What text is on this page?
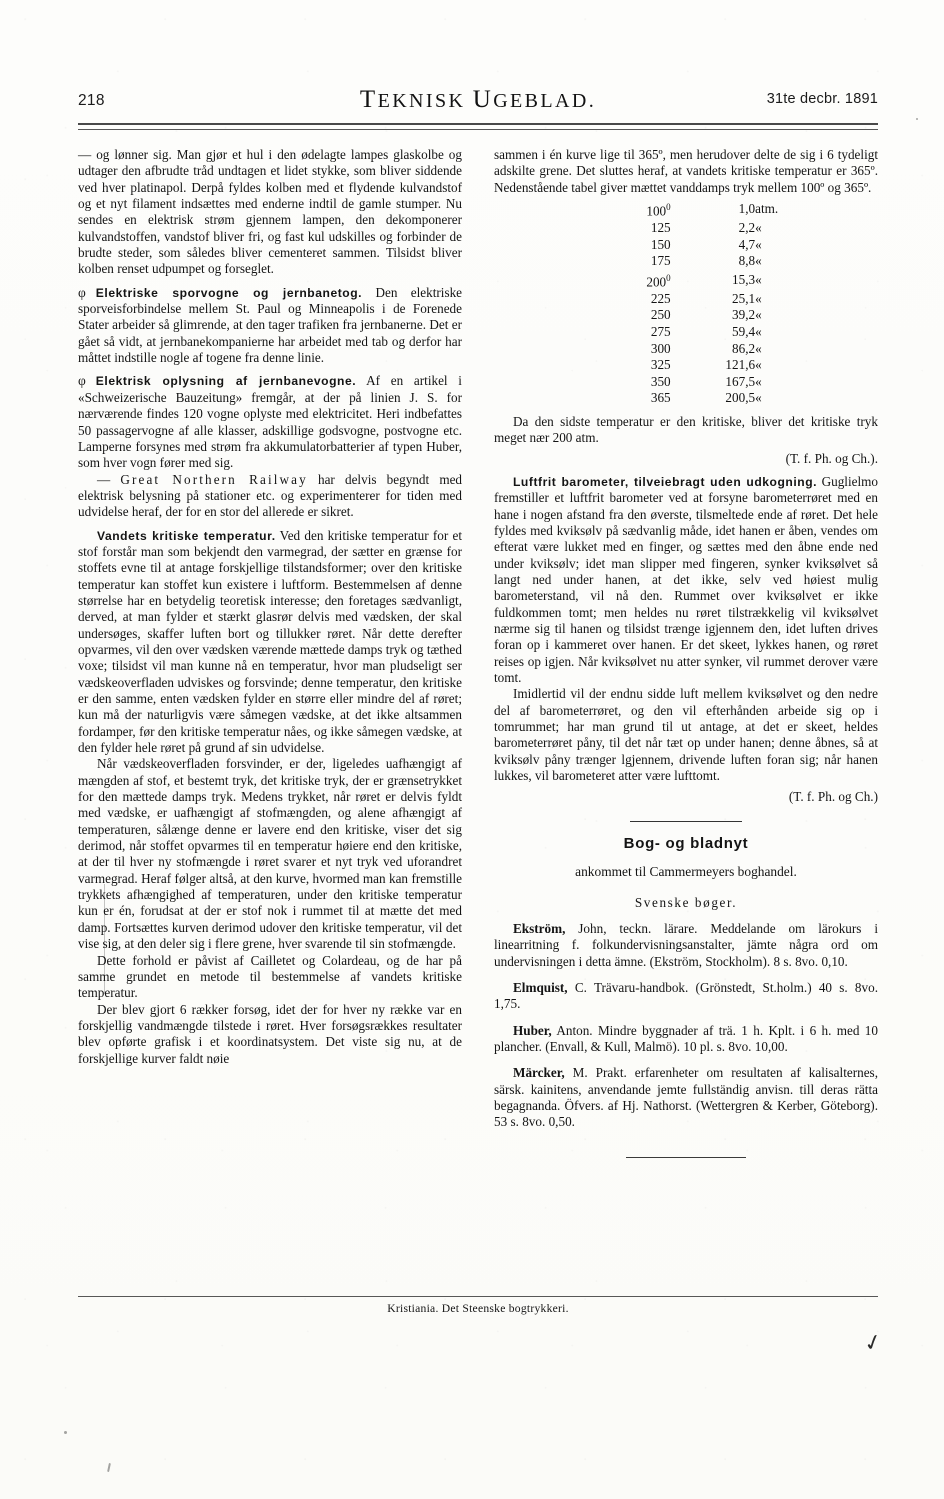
218	TEKNISK UGEBLAD.	31te decbr. 1891

— og lønner sig. Man gjør et hul i den ødelagte lampes glaskolbe og udtager den afbrudte tråd undtagen et lidet stykke, som bliver siddende ved hver platinapol. Derpå fyldes kolben med et flydende kulvandstof og et nyt filament indsættes med enderne indtil de gamle stumper. Nu sendes en elektrisk strøm gjennem lampen, den dekomponerer kulvandstoffen, vandstof bliver fri, og fast kul udskilles og forbinder de brudte steder, som således bliver cementeret sammen. Tilsidst bliver kolben renset udpumpet og forseglet.

φ Elektriske sporvogne og jernbanetog. Den elektriske sporveisforbindelse mellem St. Paul og Minneapolis i de Forenede Stater arbeider så glimrende, at den tager trafiken fra jernbanerne. Det er gået så vidt, at jernbanekompanierne har arbeidet med tab og derfor har måttet indstille nogle af togene fra denne linie.

φ Elektrisk oplysning af jernbanevogne. Af en artikel i «Schweizerische Bauzeitung» fremgår, at der på linien J. S. for nærværende findes 120 vogne oplyste med elektricitet. Heri indbefattes 50 passagervogne af alle klasser, adskillige godsvogne, postvogne etc. Lamperne forsynes med strøm fra akkumulatorbatterier af typen Huber, som hver vogn fører med sig.

— Great Northern Railway har delvis begyndt med elektrisk belysning på stationer etc. og experimenterer for tiden med udvidelse heraf, der for en stor del allerede er sikret.

Vandets kritiske temperatur. Ved den kritiske temperatur for et stof forstår man som bekjendt den varmegrad, der sætter en grænse for stoffets evne til at antage forskjellige tilstandsformer; over den kritiske temperatur kan stoffet kun existere i luftform. Bestemmelsen af denne størrelse har en betydelig teoretisk interesse; den foretages sædvanligt, derved, at man fylder et stærkt glasrør delvis med vædsken, der skal undersøges, skaffer luften bort og tillukker røret. Når dette derefter opvarmes, vil den over vædsken værende mættede damps tryk og tæthed voxe; tilsidst vil man kunne nå en temperatur, hvor man pludseligt ser vædskeoverfladen udviskes og forsvinde; denne temperatur, den kritiske er den samme, enten vædsken fylder en større eller mindre del af røret; kun må der naturligvis være såmegen vædske, at det ikke altsammen fordamper, før den kritiske temperatur nåes, og ikke såmegen vædske, at den fylder hele røret på grund af sin udvidelse.

Når vædskeoverfladen forsvinder, er der, ligeledes uafhængigt af mængden af stof, et bestemt tryk, det kritiske tryk, der er grænsetrykket for den mættede damps tryk. Medens trykket, når røret er delvis fyldt med vædske, er uafhængigt af stofmængden, og alene afhængigt af temperaturen, sålænge denne er lavere end den kritiske, viser det sig derimod, når stoffet opvarmes til en temperatur høiere end den kritiske, at der til hver ny stofmængde i røret svarer et nyt tryk ved uforandret varmegrad. Heraf følger altså, at den kurve, hvormed man kan fremstille trykkets afhængighed af temperaturen, under den kritiske temperatur kun er én, forudsat at der er stof nok i rummet til at mætte det med damp. Fortsættes kurven derimod udover den kritiske temperatur, vil det vise sig, at den deler sig i flere grene, hver svarende til sin stofmængde.

Dette forhold er påvist af Cailletet og Colardeau, og de har på samme grundet en metode til bestemmelse af vandets kritiske temperatur.

Der blev gjort 6 rækker forsøg, idet der for hver ny række var en forskjellig vandmængde tilstede i røret. Hver forsøgsrækkes resultater blev opførte grafisk i et koordinatsystem. Det viste sig nu, at de forskjellige kurver faldt nøie

sammen i én kurve lige til 365º, men herudover delte de sig i 6 tydeligt adskilte grene. Det sluttes heraf, at vandets kritiske temperatur er 365º. Nedenstående tabel giver mættet vanddamps tryk mellem 100º og 365º.

$100^0$	1,0	atm.
125	2,2	«
150	4,7	«
175	8,8	«
$200^0$	15,3	«
225	25,1	«
250	39,2	«
275	59,4	«
300	86,2	«
325	121,6	«
350	167,5	«
365	200,5	«

Da den sidste temperatur er den kritiske, bliver det kritiske tryk meget nær 200 atm.

(T. f. Ph. og Ch.).

Luftfrit barometer, tilveiebragt uden udkogning. Guglielmo fremstiller et luftfrit barometer ved at forsyne barometerrøret med en hane i nogen afstand fra den øverste, tilsmeltede ende af røret. Det hele fyldes med kviksølv på sædvanlig måde, idet hanen er åben, vendes om efterat være lukket med en finger, og sættes med den åbne ende ned under kviksølv; idet man slipper med fingeren, synker kviksølvet så langt ned under hanen, at det ikke, selv ved høiest mulig barometerstand, vil nå den. Rummet over kviksølvet er ikke fuldkommen tomt; men heldes nu røret tilstrækkelig vil kviksølvet nærme sig til hanen og tilsidst trænge igjennem den, idet luften drives foran op i kammeret over hanen. Er det skeet, lykkes hanen, og røret reises op igjen. Når kviksølvet nu atter synker, vil rummet derover være tomt.

Imidlertid vil der endnu sidde luft mellem kviksølvet og den nedre del af barometerrøret, og den vil efterhånden arbeide sig op i tomrummet; har man grund til ut antage, at det er skeet, heldes barometerrøret påny, til det når tæt op under hanen; denne åbnes, så at kviksølv påny trænger lgjennem, drivende luften foran sig; når hanen lukkes, vil barometeret atter være lufttomt.

(T. f. Ph. og Ch.)

Bog- og bladnyt

ankommet til Cammermeyers boghandel.

Svenske bøger.

Ekström, John, teckn. lärare. Meddelande om lärokurs i linearritning f. folkundervisningsanstalter, jämte några ord om undervisningen i detta ämne. (Ekström, Stockholm). 8 s. 8vo. 0,10.

Elmquist, C. Trävaru-handbok. (Grönstedt, St.holm.) 40 s. 8vo. 1,75.

Huber, Anton. Mindre byggnader af trä. 1 h. Kplt. i 6 h. med 10 plancher. (Envall, & Kull, Malmö). 10 pl. s. 8vo. 10,00.

Märcker, M. Prakt. erfarenheter om resultaten af kalisalternes, särsk. kainitens, anvendande jemte fullständig anvisn. till deras rätta begagnanda. Öfvers. af Hj. Nathorst. (Wettergren & Kerber, Göteborg). 53 s. 8vo. 0,50.

Kristiania. Det Steenske bogtrykkeri.
✓
